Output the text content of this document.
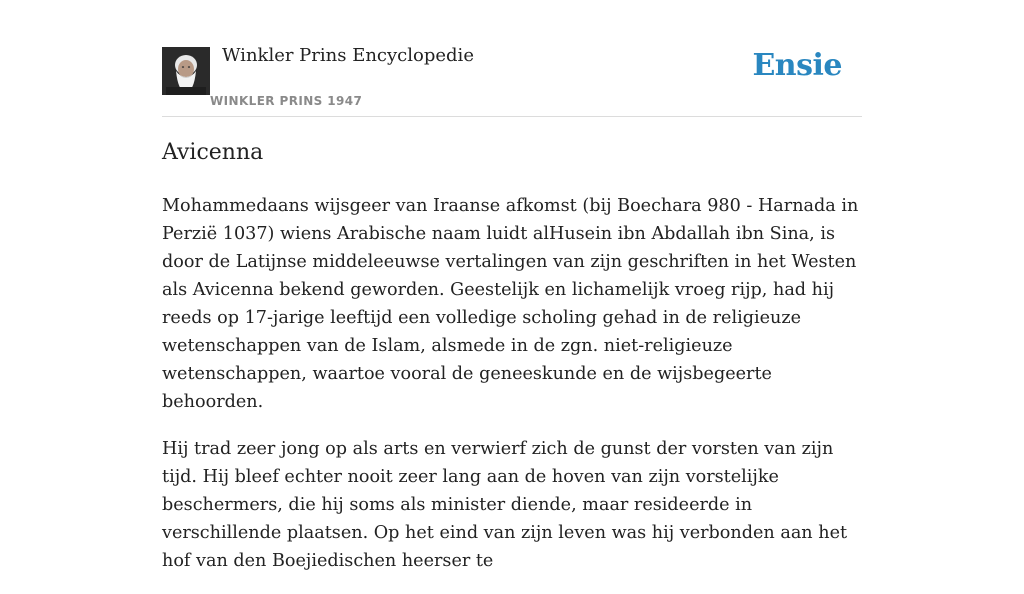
Winkler Prins Encyclopedie
WINKLER PRINS 1947
Ensie
Avicenna

Mohammedaans wijsgeer van Iraanse afkomst (bij Boechara 980 - Harnada in Perzië 1037) wiens Arabische naam luidt alHusein ibn Abdallah ibn Sina, is door de Latijnse middeleeuwse vertalingen van zijn geschriften in het Westen als Avicenna bekend geworden. Geestelijk en lichamelijk vroeg rijp, had hij reeds op 17-jarige leeftijd een volledige scholing gehad in de religieuze wetenschappen van de Islam, alsmede in de zgn. niet-religieuze wetenschappen, waartoe vooral de geneeskunde en de wijsbegeerte behoorden.

Hij trad zeer jong op als arts en verwierf zich de gunst der vorsten van zijn tijd. Hij bleef echter nooit zeer lang aan de hoven van zijn vorstelijke beschermers, die hij soms als minister diende, maar resideerde in verschillende plaatsen. Op het eind van zijn leven was hij verbonden aan het hof van den Boejiedischen heerser te
